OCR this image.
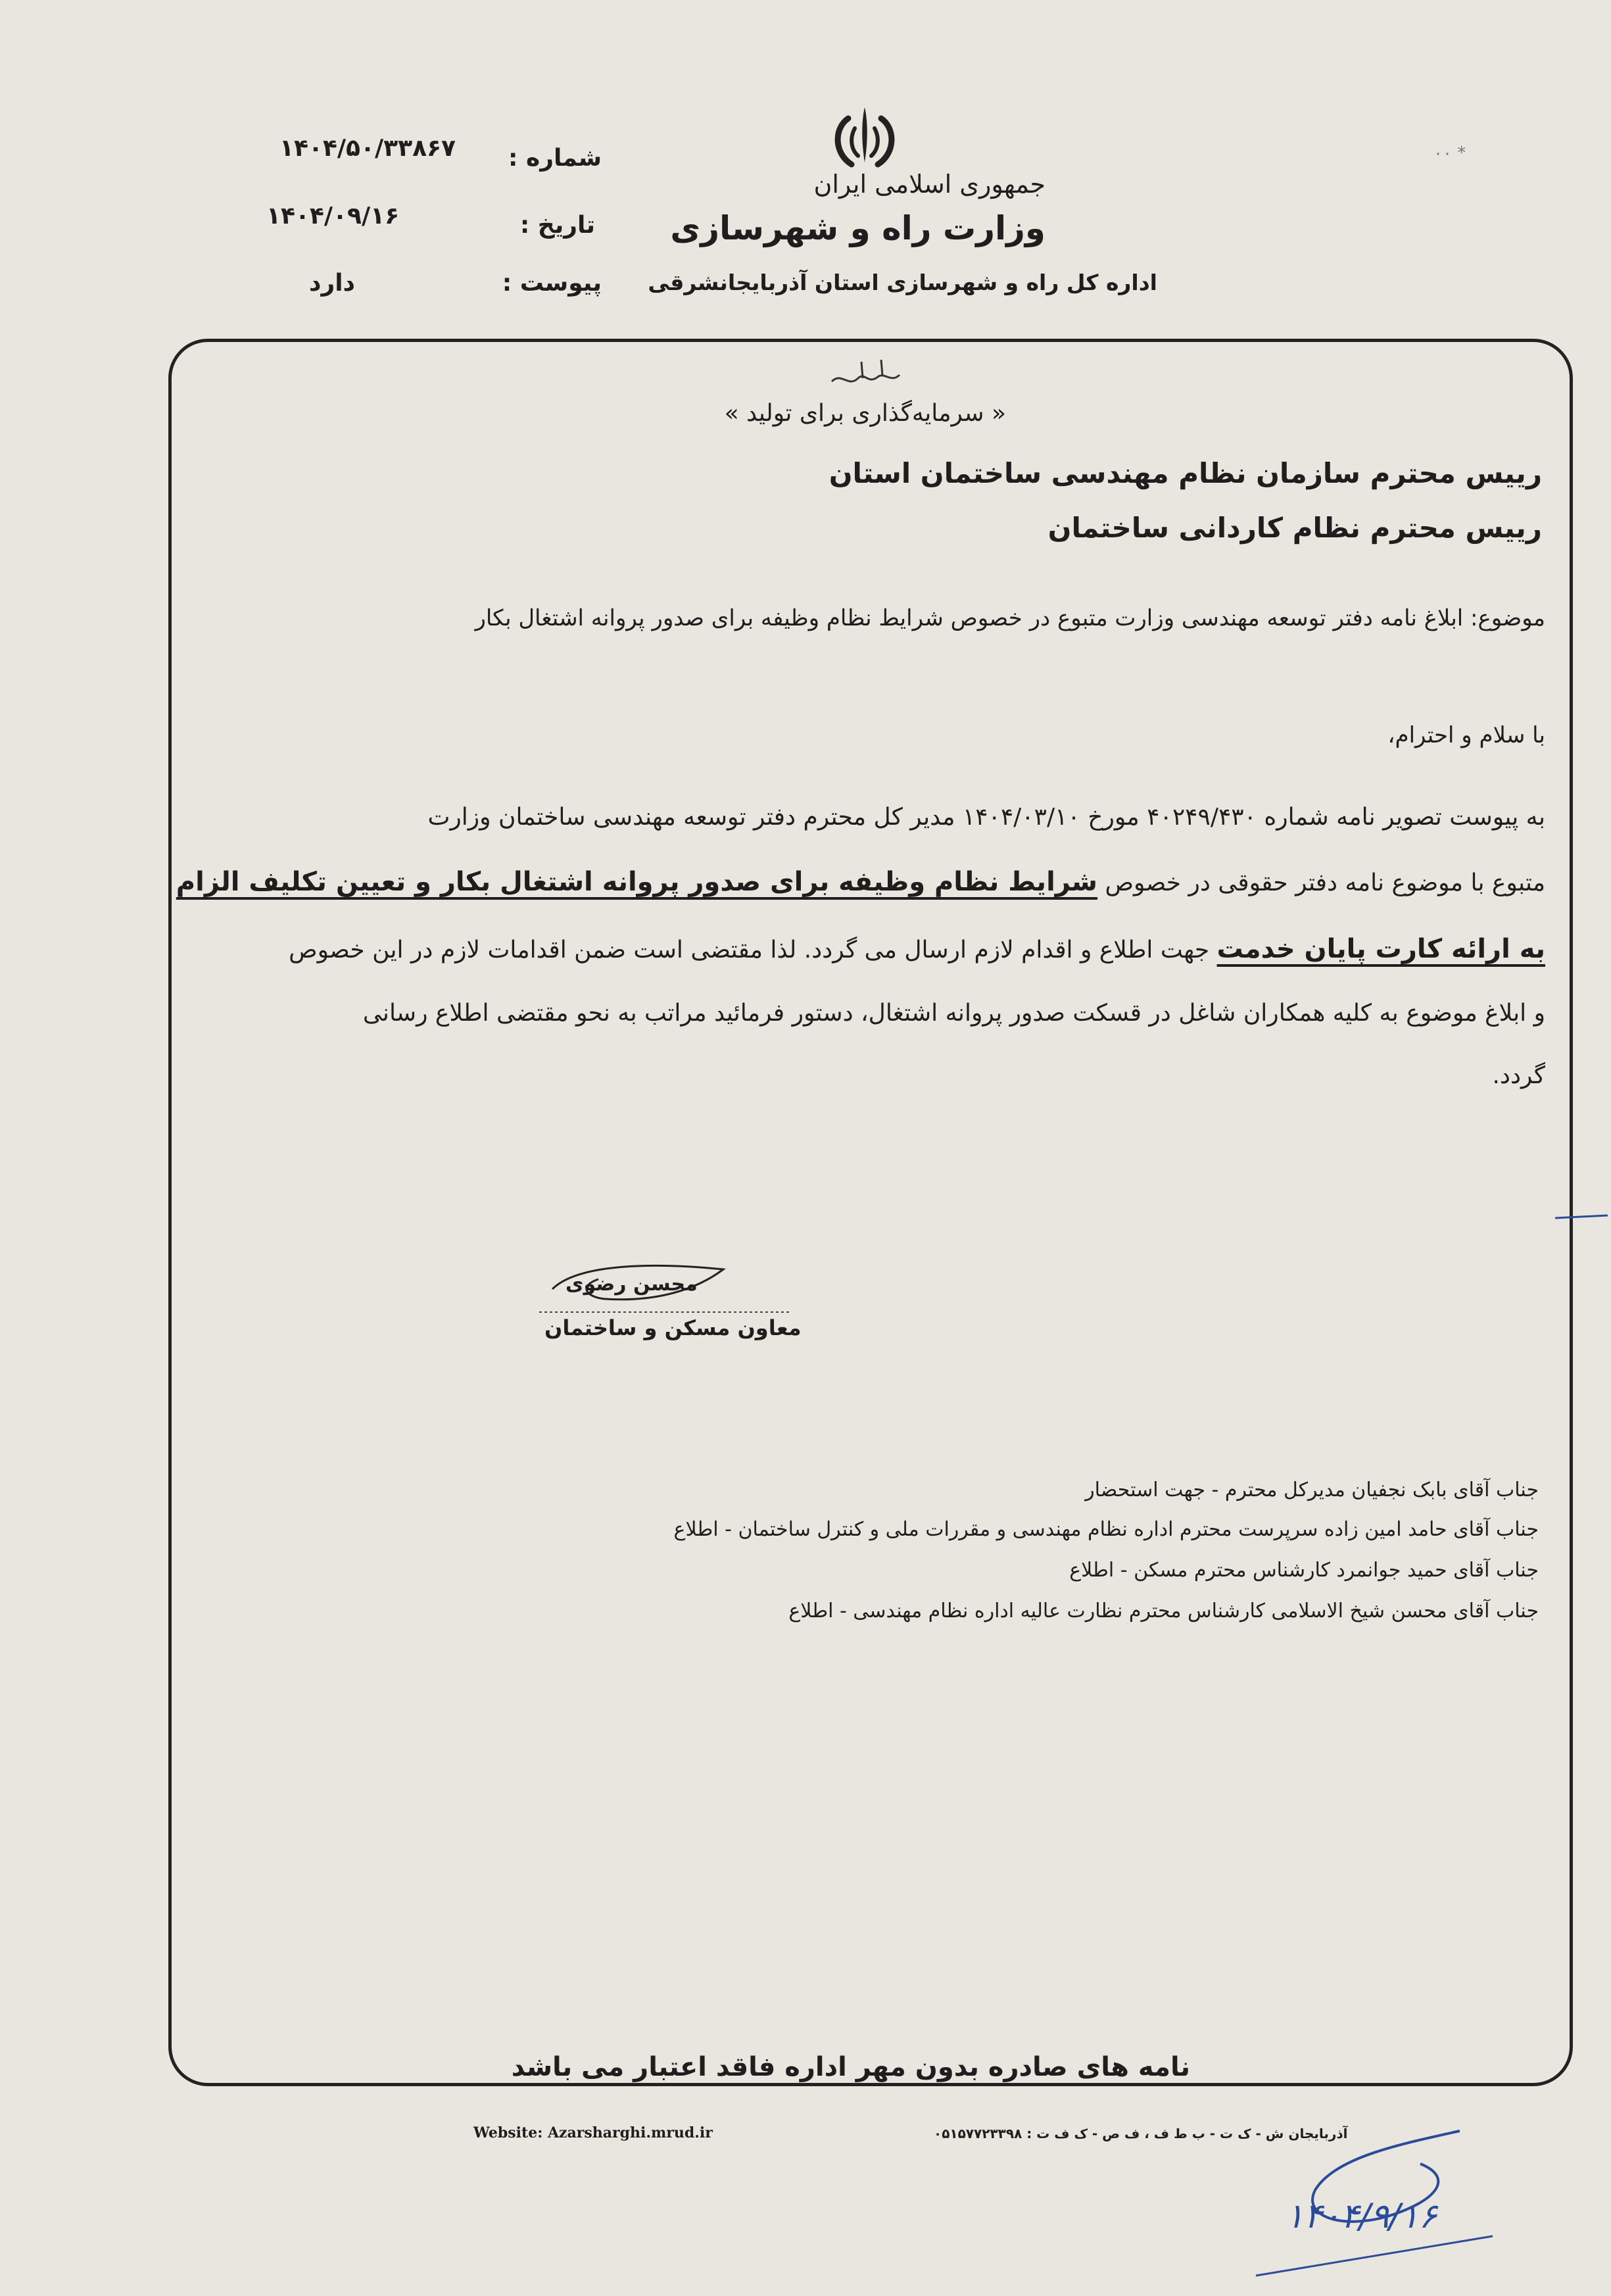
جمهوری اسلامی ایران
وزارت راه و شهرسازی
اداره کل راه و شهرسازی استان آذربایجانشرقی
شماره :
۱۴۰۴/۵۰/۳۳۸۶۷
تاریخ :
۱۴۰۴/۰۹/۱۶
پیوست :
دارد
٠٠ *
« سرمایه‌گذاری برای تولید »
رییس محترم سازمان نظام مهندسی ساختمان استان
رییس محترم نظام کاردانی ساختمان
موضوع: ابلاغ نامه دفتر توسعه مهندسی وزارت متبوع در خصوص شرایط نظام وظیفه برای صدور پروانه اشتغال بکار
با سلام و احترام،
به پیوست تصویر نامه شماره ۴۰۲۴۹/۴۳۰ مورخ ۱۴۰۴/۰۳/۱۰ مدیر کل محترم دفتر توسعه مهندسی ساختمان وزارت
متبوع با موضوع نامه دفتر حقوقی در خصوص شرایط نظام وظیفه برای صدور پروانه اشتغال بکار و تعیین تکلیف الزام
به ارائه کارت پایان خدمت جهت اطلاع و اقدام لازم ارسال می گردد. لذا مقتضی است ضمن اقدامات لازم در این خصوص
و ابلاغ موضوع به کلیه همکاران شاغل در قسکت صدور پروانه اشتغال، دستور فرمائید مراتب به نحو مقتضی اطلاع رسانی
گردد.
محسن رضوی
معاون مسکن و ساختمان
جناب آقای بابک نجفیان مدیرکل محترم - جهت استحضار
جناب آقای حامد امین زاده سرپرست محترم اداره نظام مهندسی و مقررات ملی و کنترل ساختمان - اطلاع
جناب آقای حمید جوانمرد کارشناس محترم مسکن - اطلاع
جناب آقای محسن شیخ الاسلامی کارشناس محترم نظارت عالیه اداره نظام مهندسی - اطلاع
نامه های صادره بدون مهر اداره فاقد اعتبار می باشد
Website: Azarsharghi.mrud.ir	آذربایجان ش - ک ت - ب ط ف ، ف ص - ک ف ت : ۰۵۱۵۷۷۲۳۳۹۸
۱۴۰۴/۹/۱۶
